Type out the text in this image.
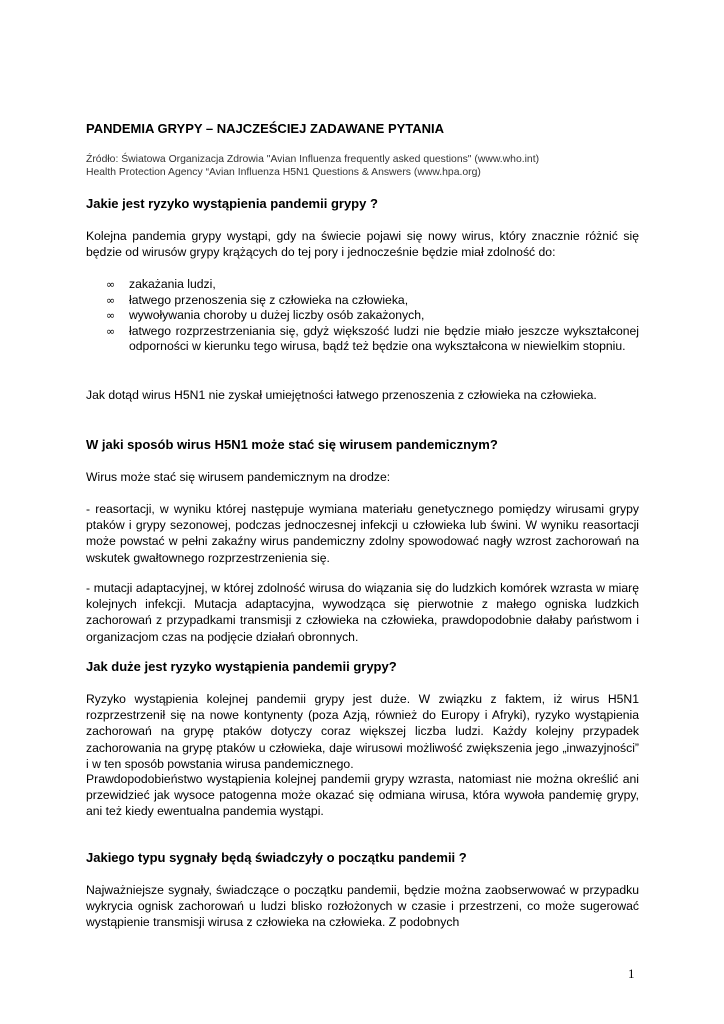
PANDEMIA GRYPY – NAJCZEŚCIEJ ZADAWANE PYTANIA
Źródło: Światowa Organizacja Zdrowia "Avian Influenza frequently asked questions" (www.who.int)
Health Protection Agency “Avian Influenza H5N1 Questions & Answers (www.hpa.org)
Jakie jest ryzyko wystąpienia pandemii grypy ?

Kolejna pandemia grypy wystąpi, gdy na świecie pojawi się nowy wirus, który znacznie różnić się będzie od wirusów grypy krążących do tej pory i jednocześnie będzie miał zdolność do:

∞ zakażania ludzi,
∞ łatwego przenoszenia się z człowieka na człowieka,
∞ wywoływania choroby u dużej liczby osób zakażonych,
∞ łatwego rozprzestrzeniania się, gdyż większość ludzi nie będzie miało jeszcze wykształconej odporności w kierunku tego wirusa, bądź też będzie ona wykształcona w niewielkim stopniu.

Jak dotąd wirus H5N1 nie zyskał umiejętności łatwego przenoszenia z człowieka na człowieka.

W jaki sposób wirus H5N1 może stać się wirusem pandemicznym?

Wirus może stać się wirusem pandemicznym na drodze:

- reasortacji, w wyniku której następuje wymiana materiału genetycznego pomiędzy wirusami grypy ptaków i grypy sezonowej, podczas jednoczesnej infekcji u człowieka lub świni. W wyniku reasortacji może powstać w pełni zakaźny wirus pandemiczny zdolny spowodować nagły wzrost zachorowań na wskutek gwałtownego rozprzestrzenienia się.

- mutacji adaptacyjnej, w której zdolność wirusa do wiązania się do ludzkich komórek wzrasta w miarę kolejnych infekcji. Mutacja adaptacyjna, wywodząca się pierwotnie z małego ogniska ludzkich zachorowań z przypadkami transmisji z człowieka na człowieka, prawdopodobnie dałaby państwom i organizacjom czas na podjęcie działań obronnych.

Jak duże jest ryzyko wystąpienia pandemii grypy?

Ryzyko wystąpienia kolejnej pandemii grypy jest duże. W związku z faktem, iż wirus H5N1 rozprzestrzenił się na nowe kontynenty (poza Azją, również do Europy i Afryki), ryzyko wystąpienia zachorowań na grypę ptaków dotyczy coraz większej liczba ludzi. Każdy kolejny przypadek zachorowania na grypę ptaków u człowieka, daje wirusowi możliwość zwiększenia jego „inwazyjności” i w ten sposób powstania wirusa pandemicznego.

Prawdopodobieństwo wystąpienia kolejnej pandemii grypy wzrasta, natomiast nie można określić ani przewidzieć jak wysoce patogenna może okazać się odmiana wirusa, która wywoła pandemię grypy, ani też kiedy ewentualna pandemia wystąpi.

Jakiego typu sygnały będą świadczyły o początku pandemii ?

Najważniejsze sygnały, świadczące o początku pandemii, będzie można zaobserwować w przypadku wykrycia ognisk zachorowań u ludzi blisko rozłożonych w czasie i przestrzeni, co może sugerować wystąpienie transmisji wirusa z człowieka na człowieka. Z podobnych

1
